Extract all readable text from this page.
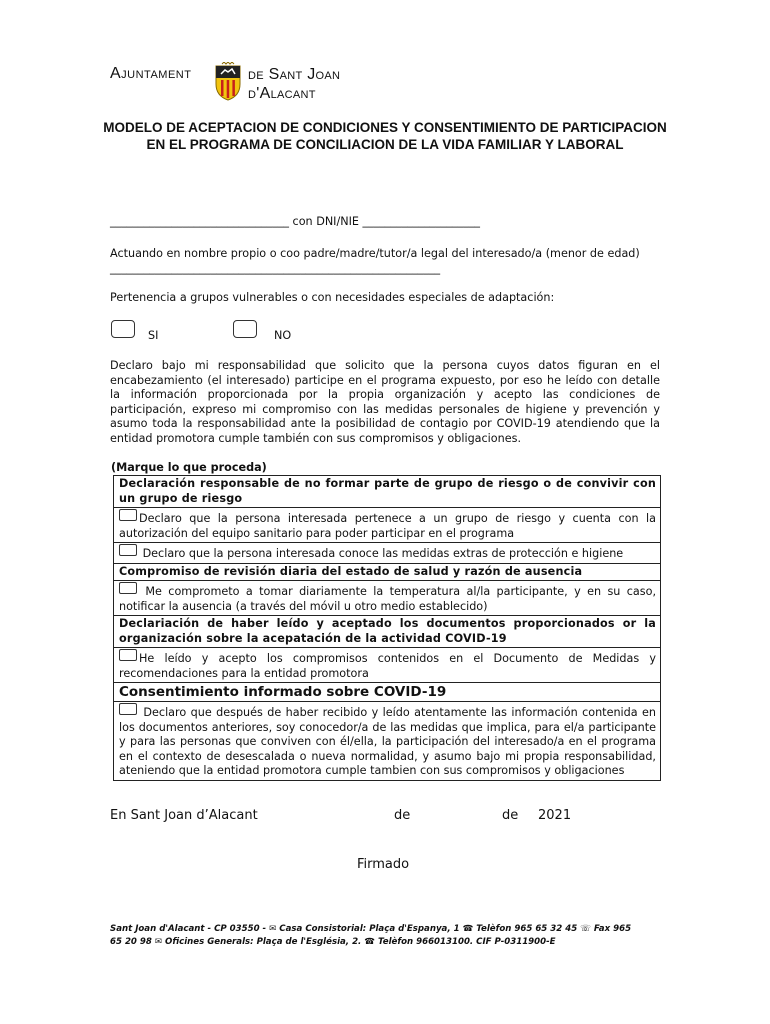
Ajuntament	de Sant Joan
d'Alacant
MODELO DE ACEPTACION DE CONDICIONES Y CONSENTIMIENTO DE PARTICIPACION EN EL PROGRAMA DE CONCILIACION DE LA VIDA FAMILIAR Y LABORAL
________________________________ con DNI/NIE _____________________
Actuando en nombre propio o coo padre/madre/tutor/a legal del interesado/a (menor de edad) ___________________________________________________________
Pertenencia a grupos vulnerables o con necesidades especiales de adaptación:
SI	NO
Declaro bajo mi responsabilidad que solicito que la persona cuyos datos figuran en el encabezamiento (el interesado) participe en el programa expuesto, por eso he leído con detalle la información proporcionada por la propia organización y acepto las condiciones de participación, expreso mi compromiso con las medidas personales de higiene y prevención y asumo toda la responsabilidad ante la posibilidad de contagio por COVID-19 atendiendo que la entidad promotora cumple también con sus compromisos y obligaciones.
(Marque lo que proceda)
Declaración responsable de no formar parte de grupo de riesgo o de convivir con un grupo de riesgo
Declaro que la persona interesada pertenece a un grupo de riesgo y cuenta con la autorización del equipo sanitario para poder participar en el programa
Declaro que la persona interesada conoce las medidas extras de protección e higiene
Compromiso de revisión diaria del estado de salud y razón de ausencia
Me comprometo a tomar diariamente la temperatura al/la participante, y en su caso, notificar la ausencia (a través del móvil u otro medio establecido)
Declariación de haber leído y aceptado los documentos proporcionados or la organización sobre la acepatación de la actividad COVID-19
He leído y acepto los compromisos contenidos en el Documento de Medidas y recomendaciones para la entidad promotora
Consentimiento informado sobre COVID-19
Declaro que después de haber recibido y leído atentamente las información contenida en los documentos anteriores, soy conocedor/a de las medidas que implica, para el/a participante y para las personas que conviven con él/ella, la participación del interesado/a en el programa en el contexto de desescalada o nueva normalidad, y asumo bajo mi propia responsabilidad, ateniendo que la entidad promotora cumple tambien con sus compromisos y obligaciones
En Sant Joan d’Alacant	de	de 2021
Firmado
Sant Joan d'Alacant - CP 03550 - ✉ Casa Consistorial: Plaça d'Espanya, 1 ☎ Telèfon 965 65 32 45 ☏ Fax 965
65 20 98 ✉ Oficines Generals: Plaça de l'Església, 2. ☎ Telèfon 966013100. CIF P-0311900-E
